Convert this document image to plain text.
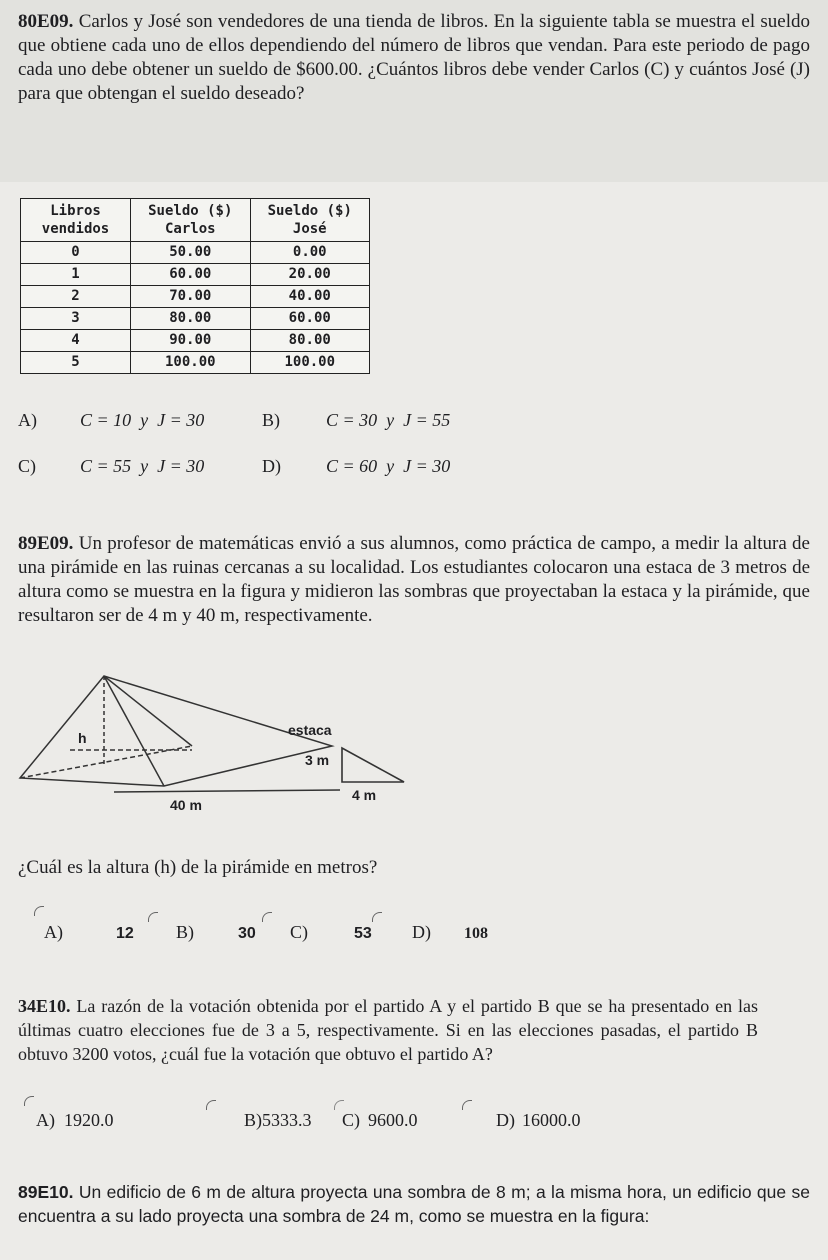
80E09. Carlos y José son vendedores de una tienda de libros. En la siguiente tabla se muestra el sueldo que obtiene cada uno de ellos dependiendo del número de libros que vendan. Para este periodo de pago cada uno debe obtener un sueldo de $600.00. ¿Cuántos libros debe vender Carlos (C) y cuántos José (J) para que obtengan el sueldo deseado?

Libros vendidos	Sueldo ($) Carlos	Sueldo ($) José
0	50.00	0.00
1	60.00	20.00
2	70.00	40.00
3	80.00	60.00
4	90.00	80.00
5	100.00	100.00
A) C = 10  y  J = 30	B)	C = 30  y  J = 55
C) C = 55  y  J = 30	D)	C = 60  y  J = 30

89E09. Un profesor de matemáticas envió a sus alumnos, como práctica de campo, a medir la altura de una pirámide en las ruinas cercanas a su localidad. Los estudiantes colocaron una estaca de 3 metros de altura como se muestra en la figura y midieron las sombras que proyectaban la estaca y la pirámide, que resultaron ser de 4 m y 40 m, respectivamente.

h
40 m
estaca
3 m
4 m

¿Cuál es la altura (h) de la pirámide en metros?

A)	12 B)	30 C)	53 D) 108

34E10. La razón de la votación obtenida por el partido A y el partido B que se ha presentado en las últimas cuatro elecciones fue de 3 a 5, respectivamente. Si en las elecciones pasadas, el partido B obtuvo 3200 votos, ¿cuál fue la votación que obtuvo el partido A?

A) 1920.0	B)5333.3 C) 9600.0	D) 16000.0

89E10. Un edificio de 6 m de altura proyecta una sombra de 8 m; a la misma hora, un edificio que se encuentra a su lado proyecta una sombra de 24 m, como se muestra en la figura:
